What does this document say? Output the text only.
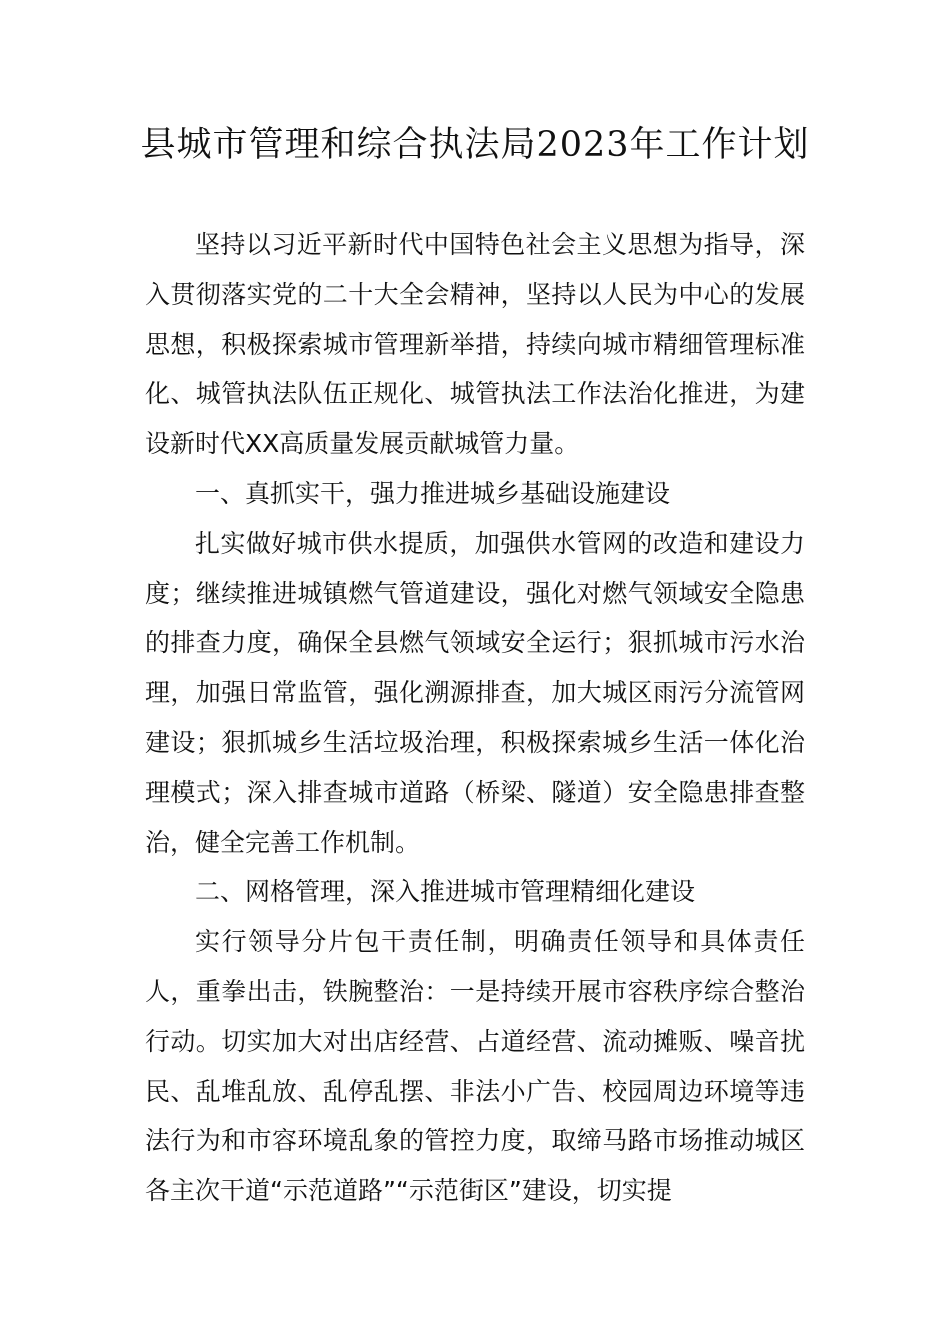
县城市管理和综合执法局2023年工作计划

坚持以习近平新时代中国特色社会主义思想为指导，深入贯彻落实党的二十大全会精神，坚持以人民为中心的发展思想，积极探索城市管理新举措，持续向城市精细管理标准化、城管执法队伍正规化、城管执法工作法治化推进，为建设新时代XX高质量发展贡献城管力量。

一、真抓实干，强力推进城乡基础设施建设

扎实做好城市供水提质，加强供水管网的改造和建设力度；继续推进城镇燃气管道建设，强化对燃气领域安全隐患的排查力度，确保全县燃气领域安全运行；狠抓城市污水治理，加强日常监管，强化溯源排查，加大城区雨污分流管网建设；狠抓城乡生活垃圾治理，积极探索城乡生活一体化治理模式；深入排查城市道路（桥梁、隧道）安全隐患排查整治，健全完善工作机制。

二、网格管理，深入推进城市管理精细化建设

实行领导分片包干责任制，明确责任领导和具体责任人，重拳出击，铁腕整治：一是持续开展市容秩序综合整治行动。切实加大对出店经营、占道经营、流动摊贩、噪音扰民、乱堆乱放、乱停乱摆、非法小广告、校园周边环境等违法行为和市容环境乱象的管控力度，取缔马路市场推动城区各主次干道“示范道路”“示范街区”建设，切实提
